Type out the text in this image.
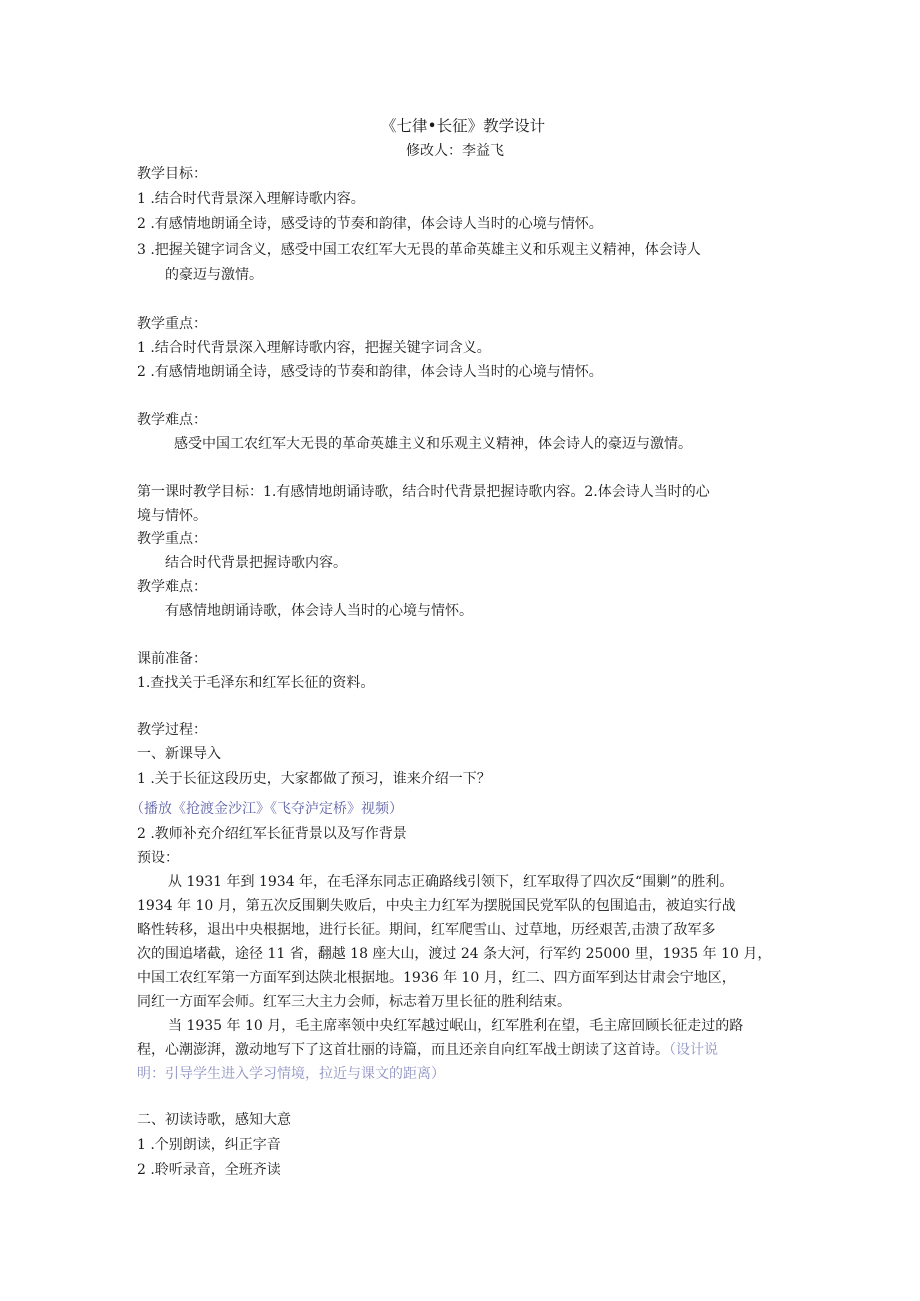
《七律•长征》教学设计
修改人：李益飞
教学目标：
1 .结合时代背景深入理解诗歌内容。
2 .有感情地朗诵全诗，感受诗的节奏和韵律，体会诗人当时的心境与情怀。
3 .把握关键字词含义，感受中国工农红军大无畏的革命英雄主义和乐观主义精神，体会诗人
的豪迈与激情。
教学重点：
1 .结合时代背景深入理解诗歌内容，把握关键字词含义。
2 .有感情地朗诵全诗，感受诗的节奏和韵律，体会诗人当时的心境与情怀。
教学难点：
感受中国工农红军大无畏的革命英雄主义和乐观主义精神，体会诗人的豪迈与激情。
第一课时教学目标：1.有感情地朗诵诗歌，结合时代背景把握诗歌内容。2.体会诗人当时的心
境与情怀。
教学重点：
结合时代背景把握诗歌内容。
教学难点：
有感情地朗诵诗歌，体会诗人当时的心境与情怀。
课前准备：
1.查找关于毛泽东和红军长征的资料。
教学过程：
一、新课导入
1 .关于长征这段历史，大家都做了预习，谁来介绍一下？
（播放《抢渡金沙江》《飞夺泸定桥》视频）
2 .教师补充介绍红军长征背景以及写作背景
预设：
从 1931 年到 1934 年，在毛泽东同志正确路线引领下，红军取得了四次反“围剿”的胜利。
1934 年 10 月，第五次反围剿失败后，中央主力红军为摆脱国民党军队的包围追击，被迫实行战
略性转移，退出中央根据地，进行长征。期间，红军爬雪山、过草地，历经艰苦,击溃了敌军多
次的围追堵截，途径 11 省，翻越 18 座大山，渡过 24 条大河，行军约 25000 里，1935 年 10 月，
中国工农红军第一方面军到达陕北根据地。1936 年 10 月，红二、四方面军到达甘肃会宁地区，
同红一方面军会师。红军三大主力会师，标志着万里长征的胜利结束。
当 1935 年 10 月，毛主席率领中央红军越过岷山，红军胜利在望，毛主席回顾长征走过的路
程，心潮澎湃，激动地写下了这首壮丽的诗篇，而且还亲自向红军战士朗读了这首诗。（设计说
明：引导学生进入学习情境，拉近与课文的距离）
二、初读诗歌，感知大意
1 .个别朗读，纠正字音
2 .聆听录音，全班齐读
